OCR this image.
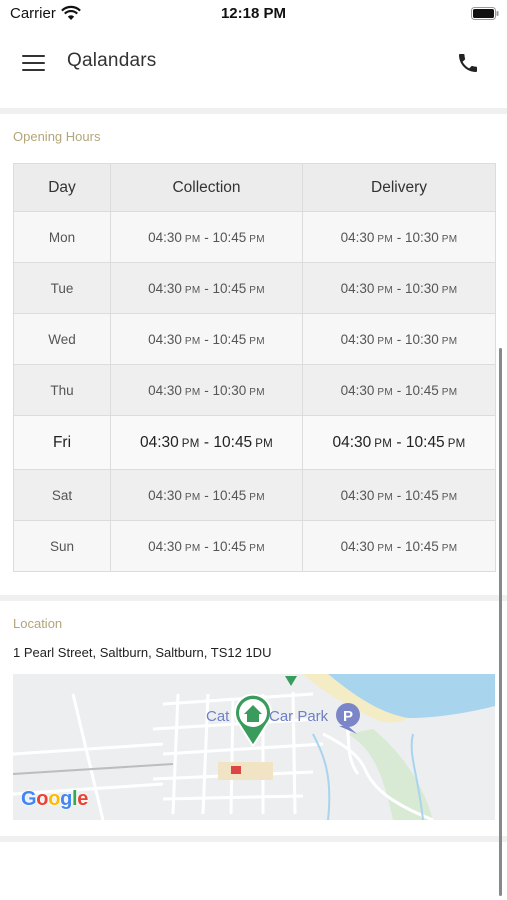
Carrier	12:18 PM
Qalandars
Opening Hours
Day	Collection	Delivery
Mon	04:30 PM - 10:45 PM	04:30 PM - 10:30 PM
Tue	04:30 PM - 10:45 PM	04:30 PM - 10:30 PM
Wed	04:30 PM - 10:45 PM	04:30 PM - 10:30 PM
Thu	04:30 PM - 10:30 PM	04:30 PM - 10:45 PM
Fri	04:30 PM - 10:45 PM	04:30 PM - 10:45 PM
Sat	04:30 PM - 10:45 PM	04:30 PM - 10:45 PM
Sun	04:30 PM - 10:45 PM	04:30 PM - 10:45 PM
Location
1 Pearl Street, Saltburn, Saltburn, TS12 1DU
P
Cat	Car Park
Google
